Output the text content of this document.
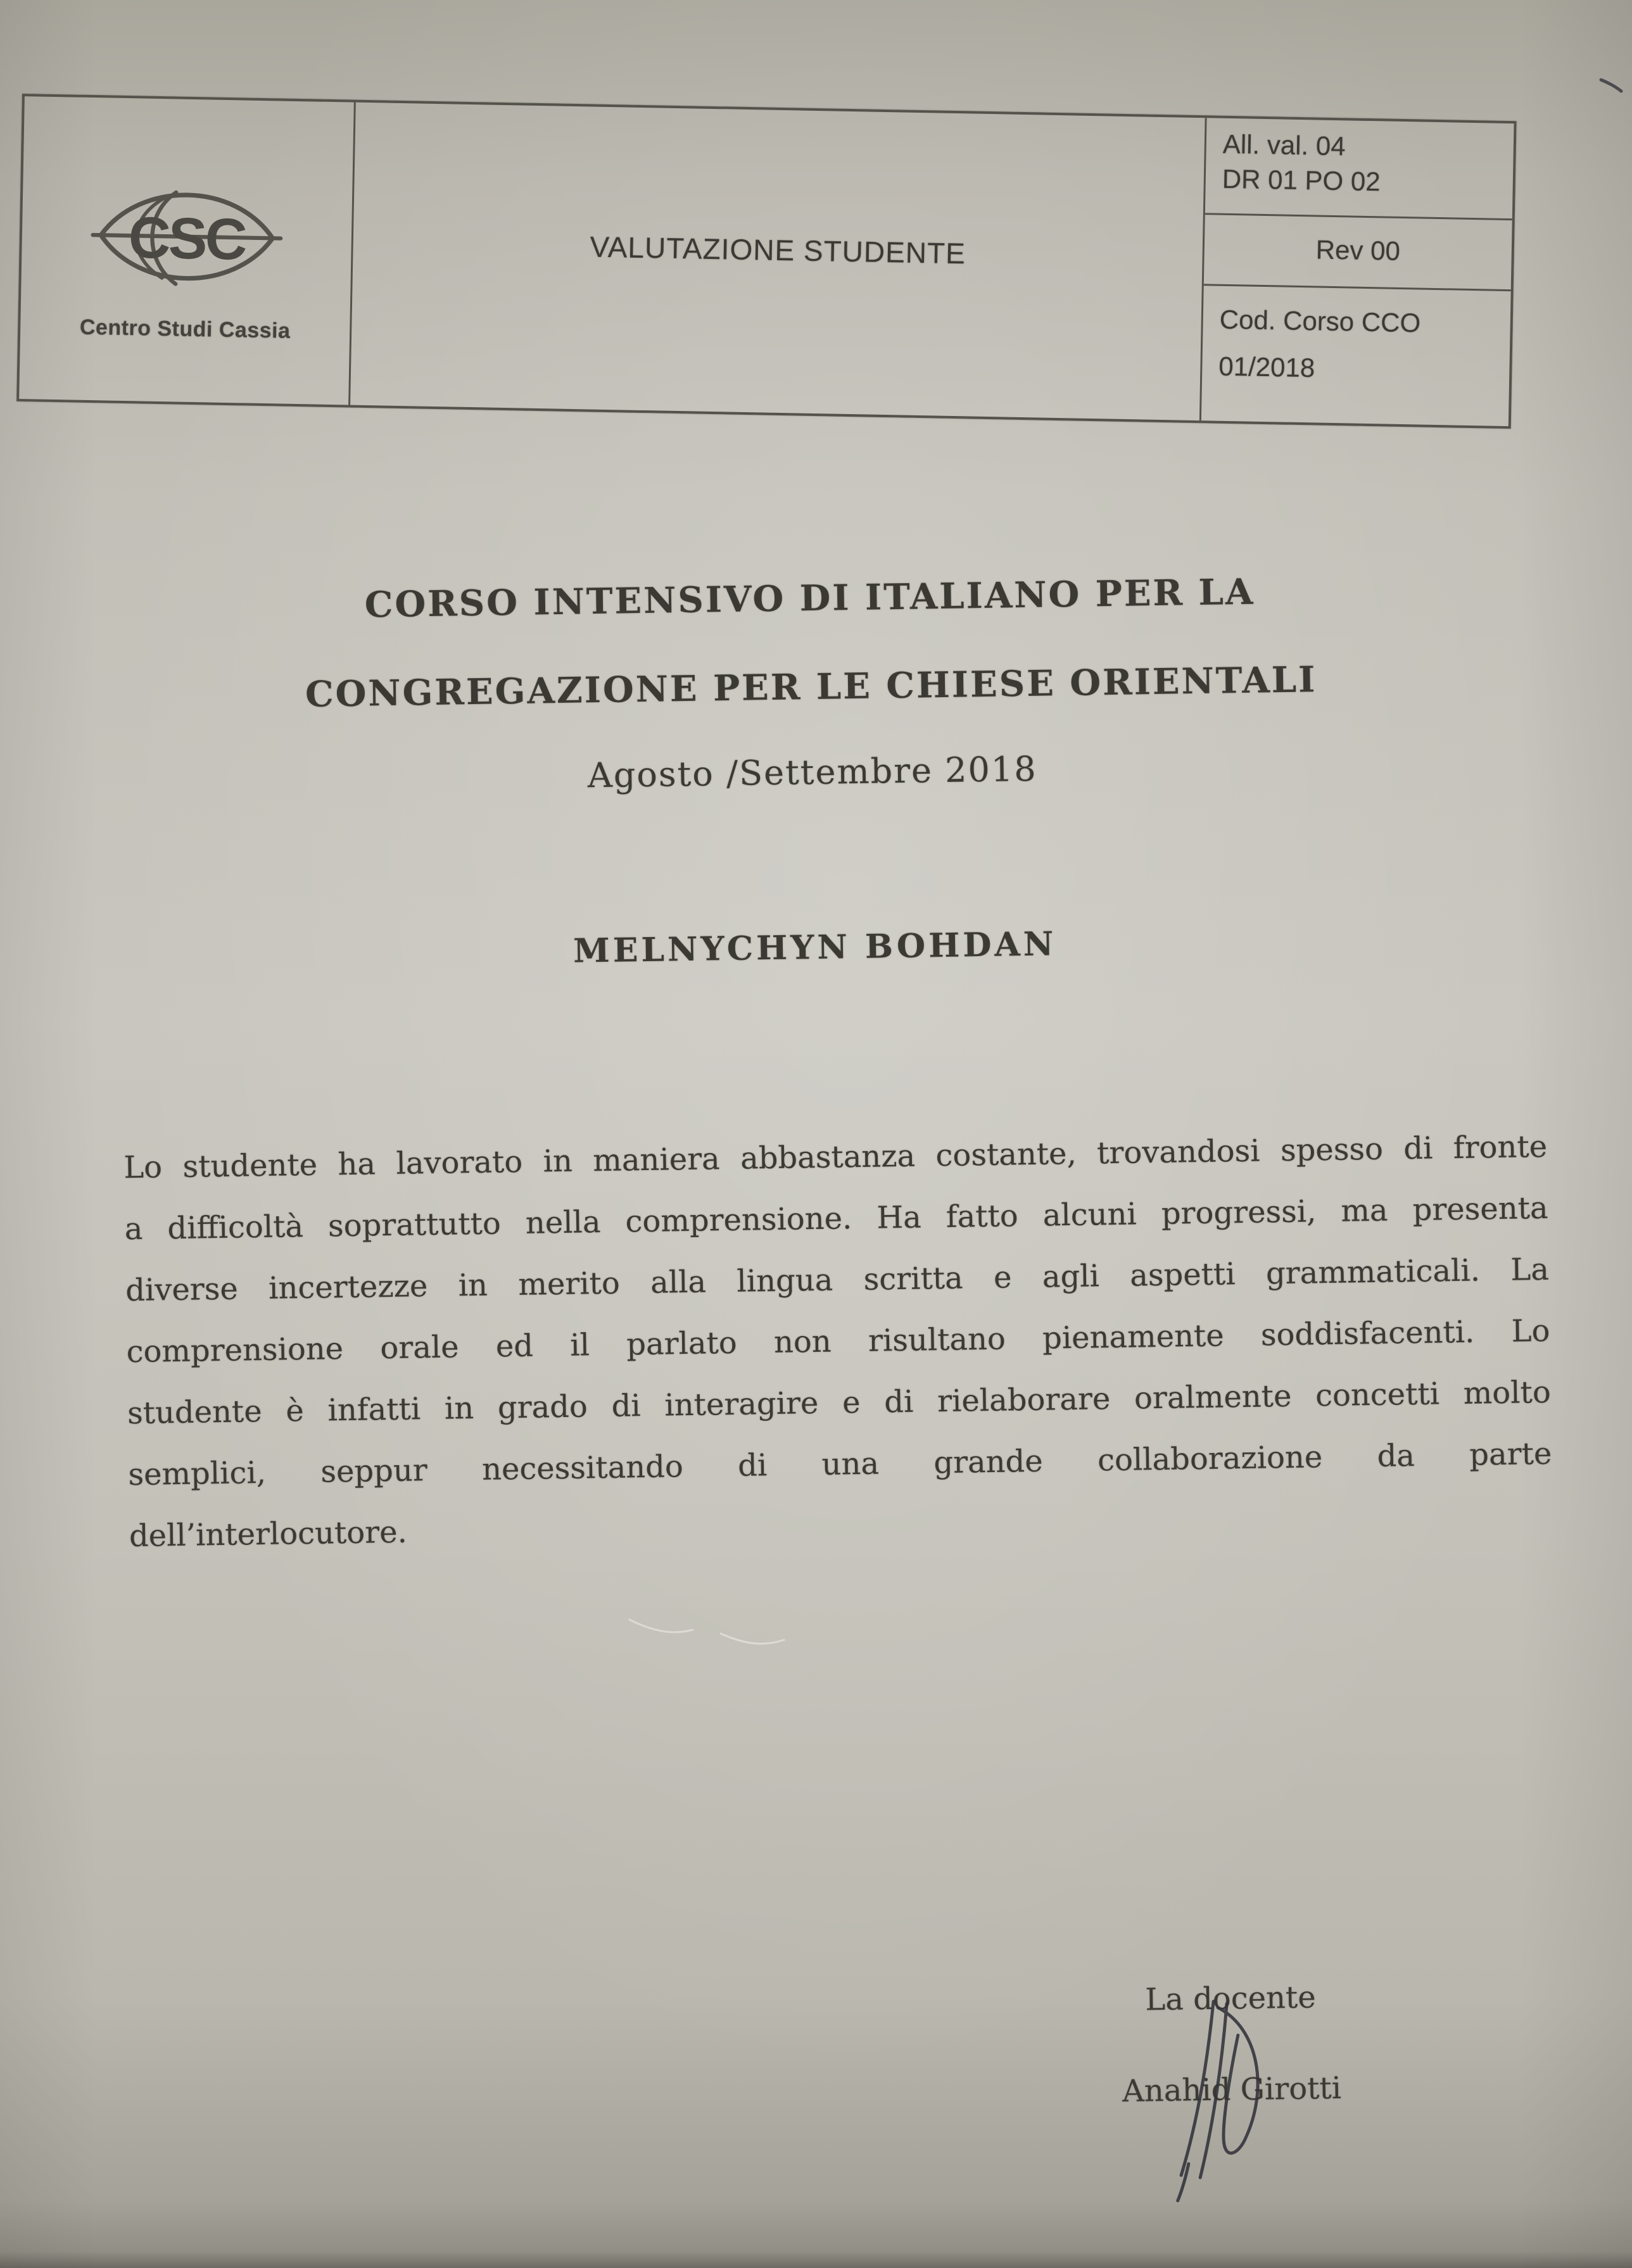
CSC
Centro Studi Cassia
VALUTAZIONE STUDENTE
All. val. 04
DR 01 PO 02
Rev 00
Cod. Corso CCO
01/2018
CORSO INTENSIVO DI ITALIANO PER LA
CONGREGAZIONE PER LE CHIESE ORIENTALI
Agosto /Settembre 2018
MELNYCHYN BOHDAN
Lo studente ha lavorato in maniera abbastanza costante, trovandosi spesso di fronte
a difficoltà soprattutto nella comprensione. Ha fatto alcuni progressi, ma presenta
diverse incertezze in merito alla lingua scritta e agli aspetti grammaticali. La
comprensione orale ed il parlato non risultano pienamente soddisfacenti. Lo
studente è infatti in grado di interagire e di rielaborare oralmente concetti molto
semplici, seppur necessitando di una grande collaborazione da parte
dell’interlocutore.
La docente
Anahid Girotti
